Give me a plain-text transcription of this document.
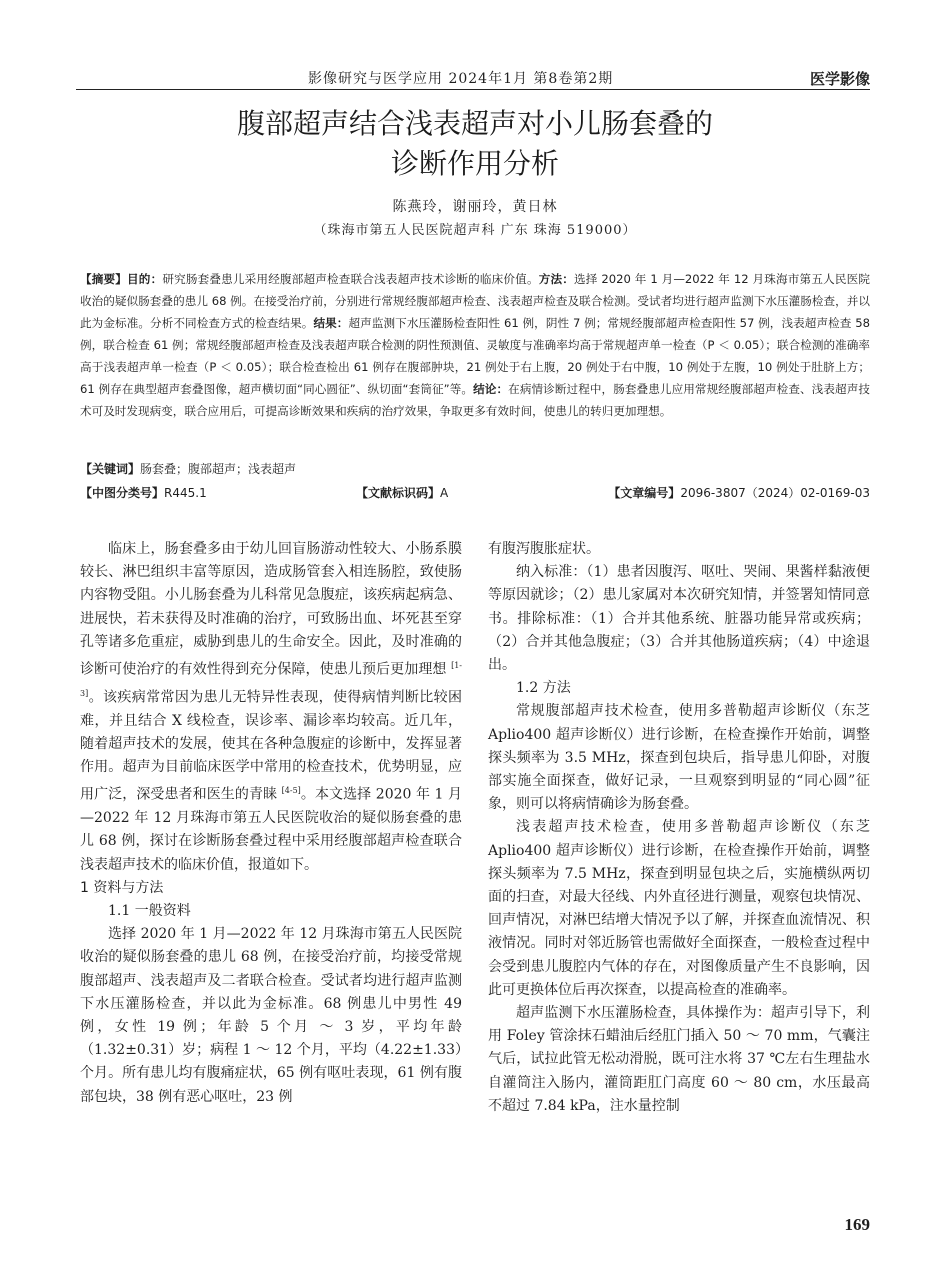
影像研究与医学应用 2024年1月 第8卷第2期	医学影像
腹部超声结合浅表超声对小儿肠套叠的
诊断作用分析
陈燕玲，谢丽玲，黄日林
（珠海市第五人民医院超声科 广东 珠海 519000）
【摘要】目的：研究肠套叠患儿采用经腹部超声检查联合浅表超声技术诊断的临床价值。方法：选择 2020 年 1 月—2022 年 12 月珠海市第五人民医院收治的疑似肠套叠的患儿 68 例。在接受治疗前，分别进行常规经腹部超声检查、浅表超声检查及联合检测。受试者均进行超声监测下水压灌肠检查，并以此为金标准。分析不同检查方式的检查结果。结果：超声监测下水压灌肠检查阳性 61 例，阴性 7 例；常规经腹部超声检查阳性 57 例，浅表超声检查 58 例，联合检查 61 例；常规经腹部超声检查及浅表超声联合检测的阴性预测值、灵敏度与准确率均高于常规超声单一检查（P ＜ 0.05）；联合检测的准确率高于浅表超声单一检查（P ＜ 0.05）；联合检查检出 61 例存在腹部肿块，21 例处于右上腹，20 例处于右中腹，10 例处于左腹，10 例处于肚脐上方；61 例存在典型超声套叠图像，超声横切面“同心圆征”、纵切面“套筒征”等。结论：在病情诊断过程中，肠套叠患儿应用常规经腹部超声检查、浅表超声技术可及时发现病变，联合应用后，可提高诊断效果和疾病的治疗效果，争取更多有效时间，使患儿的转归更加理想。
【关键词】肠套叠；腹部超声；浅表超声
【中图分类号】R445.1	【文献标识码】A	【文章编号】2096-3807（2024）02-0169-03

临床上，肠套叠多由于幼儿回盲肠游动性较大、小肠系膜较长、淋巴组织丰富等原因，造成肠管套入相连肠腔，致使肠内容物受阻。小儿肠套叠为儿科常见急腹症，该疾病起病急、进展快，若未获得及时准确的治疗，可致肠出血、坏死甚至穿孔等诸多危重症，威胁到患儿的生命安全。因此，及时准确的诊断可使治疗的有效性得到充分保障，使患儿预后更加理想 [1-3]。该疾病常常因为患儿无特异性表现，使得病情判断比较困难，并且结合 X 线检查，误诊率、漏诊率均较高。近几年，随着超声技术的发展，使其在各种急腹症的诊断中，发挥显著作用。超声为目前临床医学中常用的检查技术，优势明显，应用广泛，深受患者和医生的青睐 [4-5]。本文选择 2020 年 1 月—2022 年 12 月珠海市第五人民医院收治的疑似肠套叠的患儿 68 例，探讨在诊断肠套叠过程中采用经腹部超声检查联合浅表超声技术的临床价值，报道如下。

1 资料与方法

1.1 一般资料

选择 2020 年 1 月—2022 年 12 月珠海市第五人民医院收治的疑似肠套叠的患儿 68 例，在接受治疗前，均接受常规腹部超声、浅表超声及二者联合检查。受试者均进行超声监测下水压灌肠检查，并以此为金标准。68 例患儿中男性 49 例，女性 19 例；年龄 5 个月 ～ 3 岁，平均年龄（1.32±0.31）岁；病程 1 ～ 12 个月，平均（4.22±1.33）个月。所有患儿均有腹痛症状，65 例有呕吐表现，61 例有腹部包块，38 例有恶心呕吐，23 例

有腹泻腹胀症状。

纳入标准：（1）患者因腹泻、呕吐、哭闹、果酱样黏液便等原因就诊；（2）患儿家属对本次研究知情，并签署知情同意书。排除标准：（1）合并其他系统、脏器功能异常或疾病；（2）合并其他急腹症；（3）合并其他肠道疾病；（4）中途退出。

1.2 方法

常规腹部超声技术检查，使用多普勒超声诊断仪（东芝 Aplio400 超声诊断仪）进行诊断，在检查操作开始前，调整探头频率为 3.5 MHz，探查到包块后，指导患儿仰卧，对腹部实施全面探查，做好记录，一旦观察到明显的“同心圆”征象，则可以将病情确诊为肠套叠。

浅表超声技术检查，使用多普勒超声诊断仪（东芝 Aplio400 超声诊断仪）进行诊断，在检查操作开始前，调整探头频率为 7.5 MHz，探查到明显包块之后，实施横纵两切面的扫查，对最大径线、内外直径进行测量，观察包块情况、回声情况，对淋巴结增大情况予以了解，并探查血流情况、积液情况。同时对邻近肠管也需做好全面探查，一般检查过程中会受到患儿腹腔内气体的存在，对图像质量产生不良影响，因此可更换体位后再次探查，以提高检查的准确率。

超声监测下水压灌肠检查，具体操作为：超声引导下，利用 Foley 管涂抹石蜡油后经肛门插入 50 ～ 70 mm，气囊注气后，试拉此管无松动滑脱，既可注水将 37 ℃左右生理盐水自灌筒注入肠内，灌筒距肛门高度 60 ～ 80 cm，水压最高不超过 7.84 kPa，注水量控制

169
